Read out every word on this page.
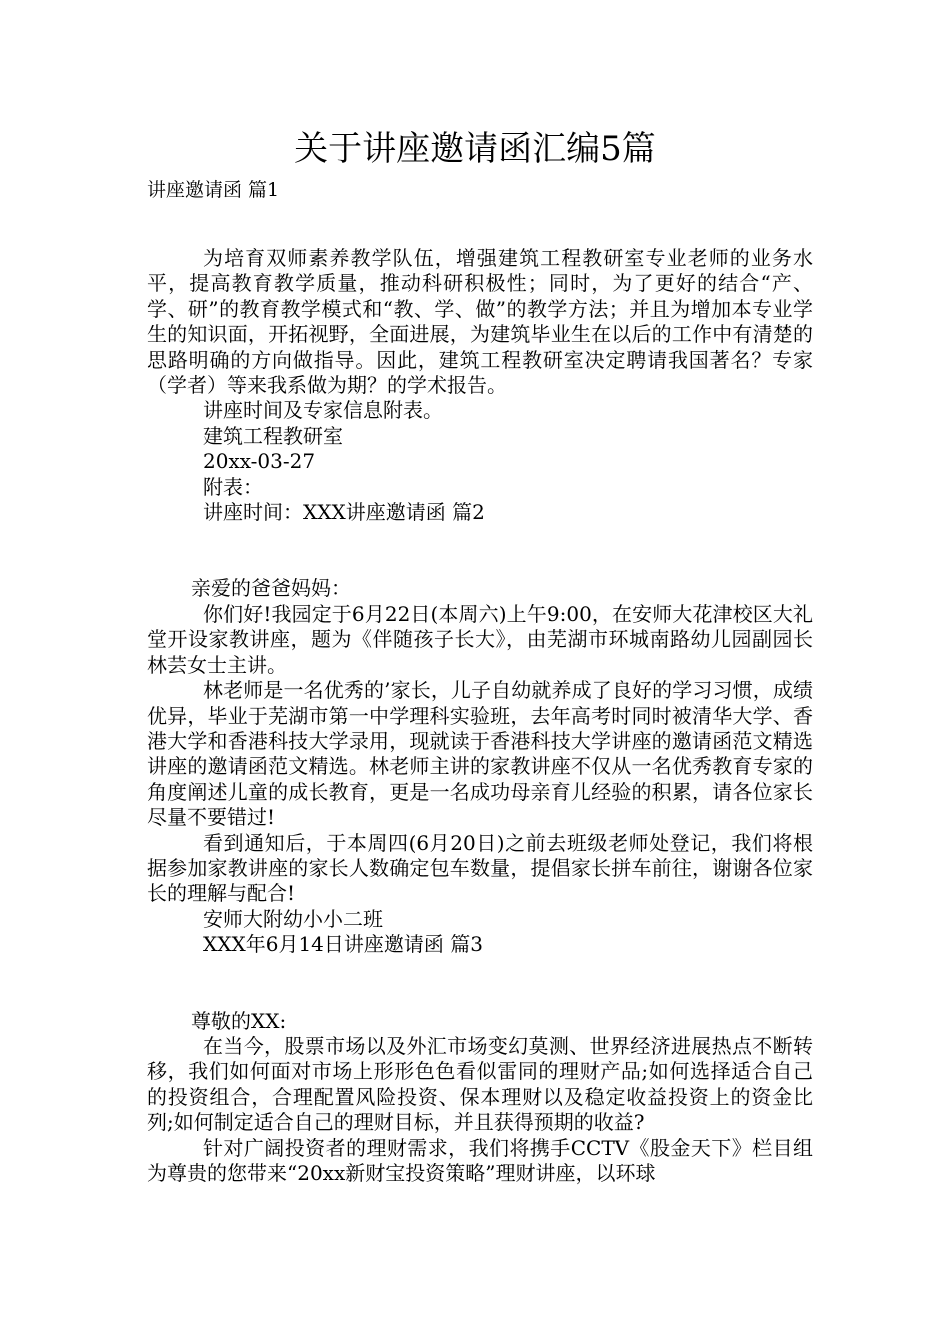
关于讲座邀请函汇编5篇
讲座邀请函 篇1

为培育双师素养教学队伍，增强建筑工程教研室专业老师的业务水平，提高教育教学质量，推动科研积极性；同时，为了更好的结合“产、学、研”的教育教学模式和“教、学、做”的教学方法；并且为增加本专业学生的知识面，开拓视野，全面进展，为建筑毕业生在以后的工作中有清楚的思路明确的方向做指导。因此，建筑工程教研室决定聘请我国著名？专家（学者）等来我系做为期？的学术报告。

讲座时间及专家信息附表。

建筑工程教研室

20xx-03-27

附表：

讲座时间：XXX讲座邀请函 篇2

亲爱的爸爸妈妈：

你们好!我园定于6月22日(本周六)上午9:00，在安师大花津校区大礼堂开设家教讲座，题为《伴随孩子长大》，由芜湖市环城南路幼儿园副园长林芸女士主讲。

林老师是一名优秀的’家长，儿子自幼就养成了良好的学习习惯，成绩优异，毕业于芜湖市第一中学理科实验班，去年高考时同时被清华大学、香港大学和香港科技大学录用，现就读于香港科技大学讲座的邀请函范文精选讲座的邀请函范文精选。林老师主讲的家教讲座不仅从一名优秀教育专家的角度阐述儿童的成长教育，更是一名成功母亲育儿经验的积累，请各位家长尽量不要错过!

看到通知后，于本周四(6月20日)之前去班级老师处登记，我们将根据参加家教讲座的家长人数确定包车数量，提倡家长拼车前往，谢谢各位家长的理解与配合!

安师大附幼小小二班

XXX年6月14日讲座邀请函 篇3

尊敬的XX:

在当今，股票市场以及外汇市场变幻莫测、世界经济进展热点不断转移，我们如何面对市场上形形色色看似雷同的理财产品;如何选择适合自己的投资组合，合理配置风险投资、保本理财以及稳定收益投资上的资金比列;如何制定适合自己的理财目标，并且获得预期的收益?

针对广阔投资者的理财需求，我们将携手CCTV《股金天下》栏目组为尊贵的您带来“20xx新财宝投资策略”理财讲座，以环球
